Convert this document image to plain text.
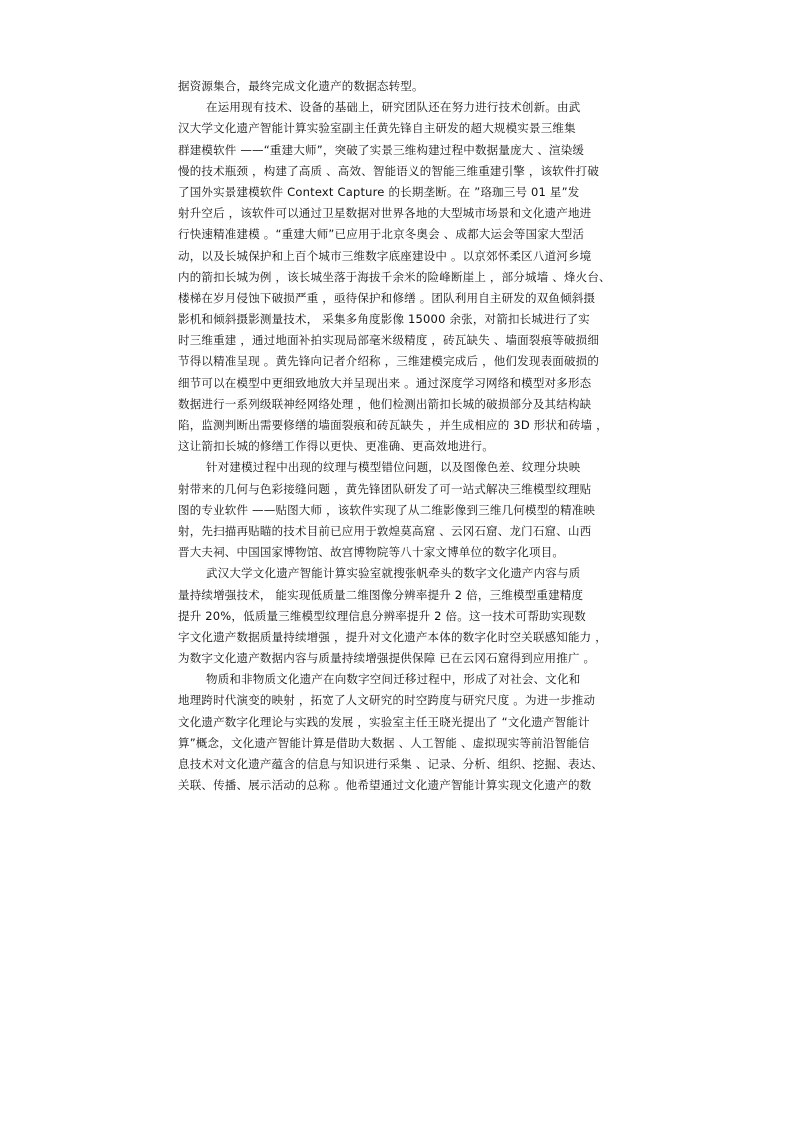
据资源集合，最终完成文化遗产的数据态转型。
在运用现有技术、设备的基础上，研究团队还在努力进行技术创新。由武
汉大学文化遗产智能计算实验室副主任黄先锋自主研发的超大规模实景三维集
群建模软件 ——“重建大师”，突破了实景三维构建过程中数据量庞大 、渲染缓
慢的技术瓶颈 ，构建了高质 、高效、智能语义的智能三维重建引擎 ，该软件打破
了国外实景建模软件 Context Capture 的长期垄断。在 ”珞珈三号 01 星”发
射升空后 ，该软件可以通过卫星数据对世界各地的大型城市场景和文化遗产地进
行快速精准建模 。“重建大师”已应用于北京冬奥会 、成都大运会等国家大型活
动，以及长城保护和上百个城市三维数字底座建设中 。以京郊怀柔区八道河乡境
内的箭扣长城为例 ，该长城坐落于海拔千余米的险峰断崖上 ，部分城墙 、烽火台、
楼梯在岁月侵蚀下破损严重 ，亟待保护和修缮 。团队利用自主研发的双鱼倾斜摄
影机和倾斜摄影测量技术， 采集多角度影像 15000 余张，对箭扣长城进行了实
时三维重建 ，通过地面补拍实现局部毫米级精度 ，砖瓦缺失 、墙面裂痕等破损细
节得以精准呈现 。黄先锋向记者介绍称 ，三维建模完成后 ，他们发现表面破损的
细节可以在模型中更细致地放大并呈现出来 。通过深度学习网络和模型对多形态
数据进行一系列级联神经网络处理 ，他们检测出箭扣长城的破损部分及其结构缺
陷，监测判断出需要修缮的墙面裂痕和砖瓦缺失 ，并生成相应的 3D 形状和砖墙 ，
这让箭扣长城的修缮工作得以更快、更准确、更高效地进行。
针对建模过程中出现的纹理与模型错位问题，以及图像色差、纹理分块映
射带来的几何与色彩接缝问题 ，黄先锋团队研发了可一站式解决三维模型纹理贴
图的专业软件 ——贴图大师 ，该软件实现了从二维影像到三维几何模型的精准映
射，先扫描再贴瞄的技术目前已应用于敦煌莫高窟 、云冈石窟、龙门石窟、山西
晋大夫祠、中国国家博物馆、故宫博物院等八十家文博单位的数字化项目。
武汉大学文化遗产智能计算实验室就搜张帆牵头的数字文化遗产内容与质
量持续增强技术， 能实现低质量二维图像分辨率提升 2 倍，三维模型重建精度
提升 20%，低质量三维模型纹理信息分辨率提升 2 倍。这一技术可帮助实现数
字文化遗产数据质量持续增强 ，提升对文化遗产本体的数字化时空关联感知能力 ，
为数字文化遗产数据内容与质量持续增强提供保障 已在云冈石窟得到应用推广 。
物质和非物质文化遗产在向数字空间迁移过程中，形成了对社会、文化和
地理跨时代演变的映射 ，拓宽了人文研究的时空跨度与研究尺度 。为进一步推动
文化遗产数字化理论与实践的发展 ，实验室主任王晓光提出了 “文化遗产智能计
算”概念，文化遗产智能计算是借助大数据 、人工智能 、虚拟现实等前沿智能信
息技术对文化遗产蕴含的信息与知识进行采集 、记录、分析、组织、挖掘、表达、
关联、传播、展示活动的总称 。他希望通过文化遗产智能计算实现文化遗产的数
